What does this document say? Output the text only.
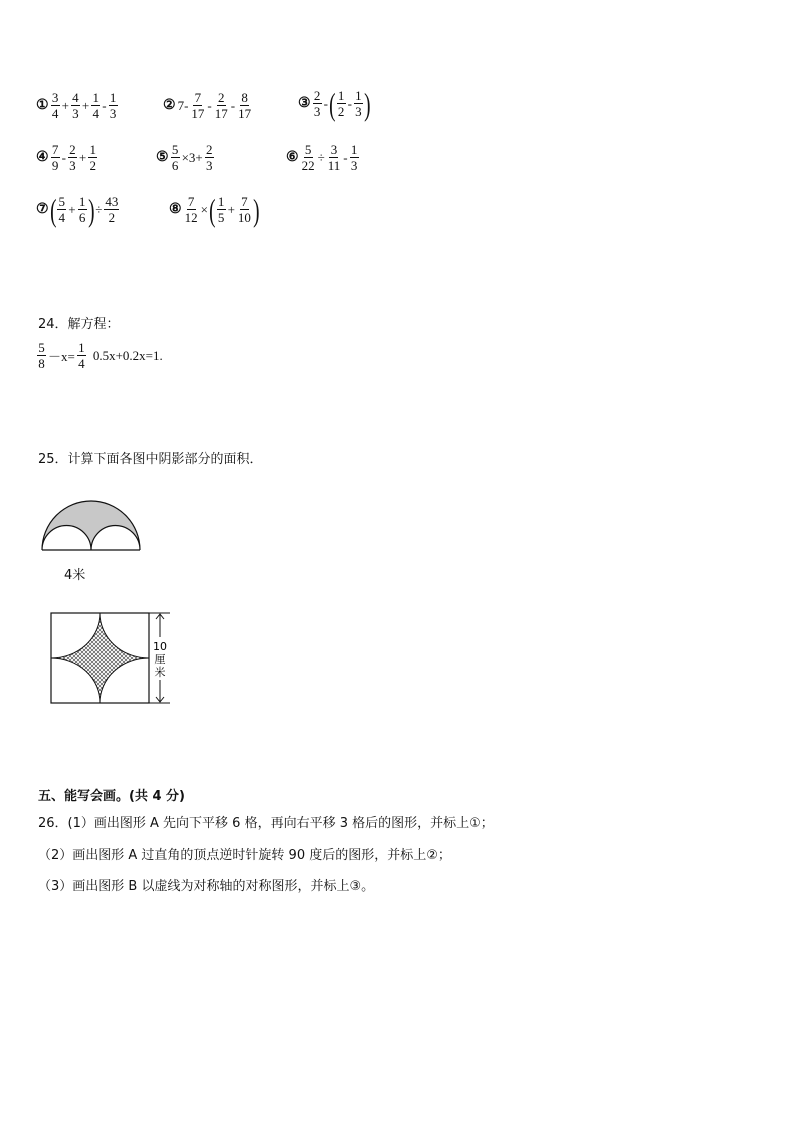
① $\frac{3}{4} + \frac{4}{3} + \frac{1}{4} - \frac{1}{3}$	② $7- \frac{7}{17} - \frac{2}{17} - \frac{8}{17}$	③ $\frac{2}{3}$ - ( $\frac{1}{2} - \frac{1}{3}$ )
④ $\frac{7}{9} - \frac{2}{3} + \frac{1}{2}$	⑤ $\frac{5}{6} \times 3+ \frac{2}{3}$	⑥ $\frac{5}{22} \div \frac{3}{11} - \frac{1}{3}$
⑦ ( $\frac{5}{4} + \frac{1}{6}$ ) ÷ $\frac{43}{2}$	⑧ $\frac{7}{12}$ × ( $\frac{1}{5} + \frac{7}{10}$ )
24．解方程：
$\frac{5}{8} -x= \frac{1}{4} 0.5x+0.2x=1$.
25．计算下面各图中阴影部分的面积．
4米
10
厘
米
五、能写会画。(共 4 分)
26．(1）画出图形 A 先向下平移 6 格，再向右平移 3 格后的图形，并标上①；
（2）画出图形 A 过直角的顶点逆时针旋转 90 度后的图形，并标上②；
（3）画出图形 B 以虚线为对称轴的对称图形，并标上③。
